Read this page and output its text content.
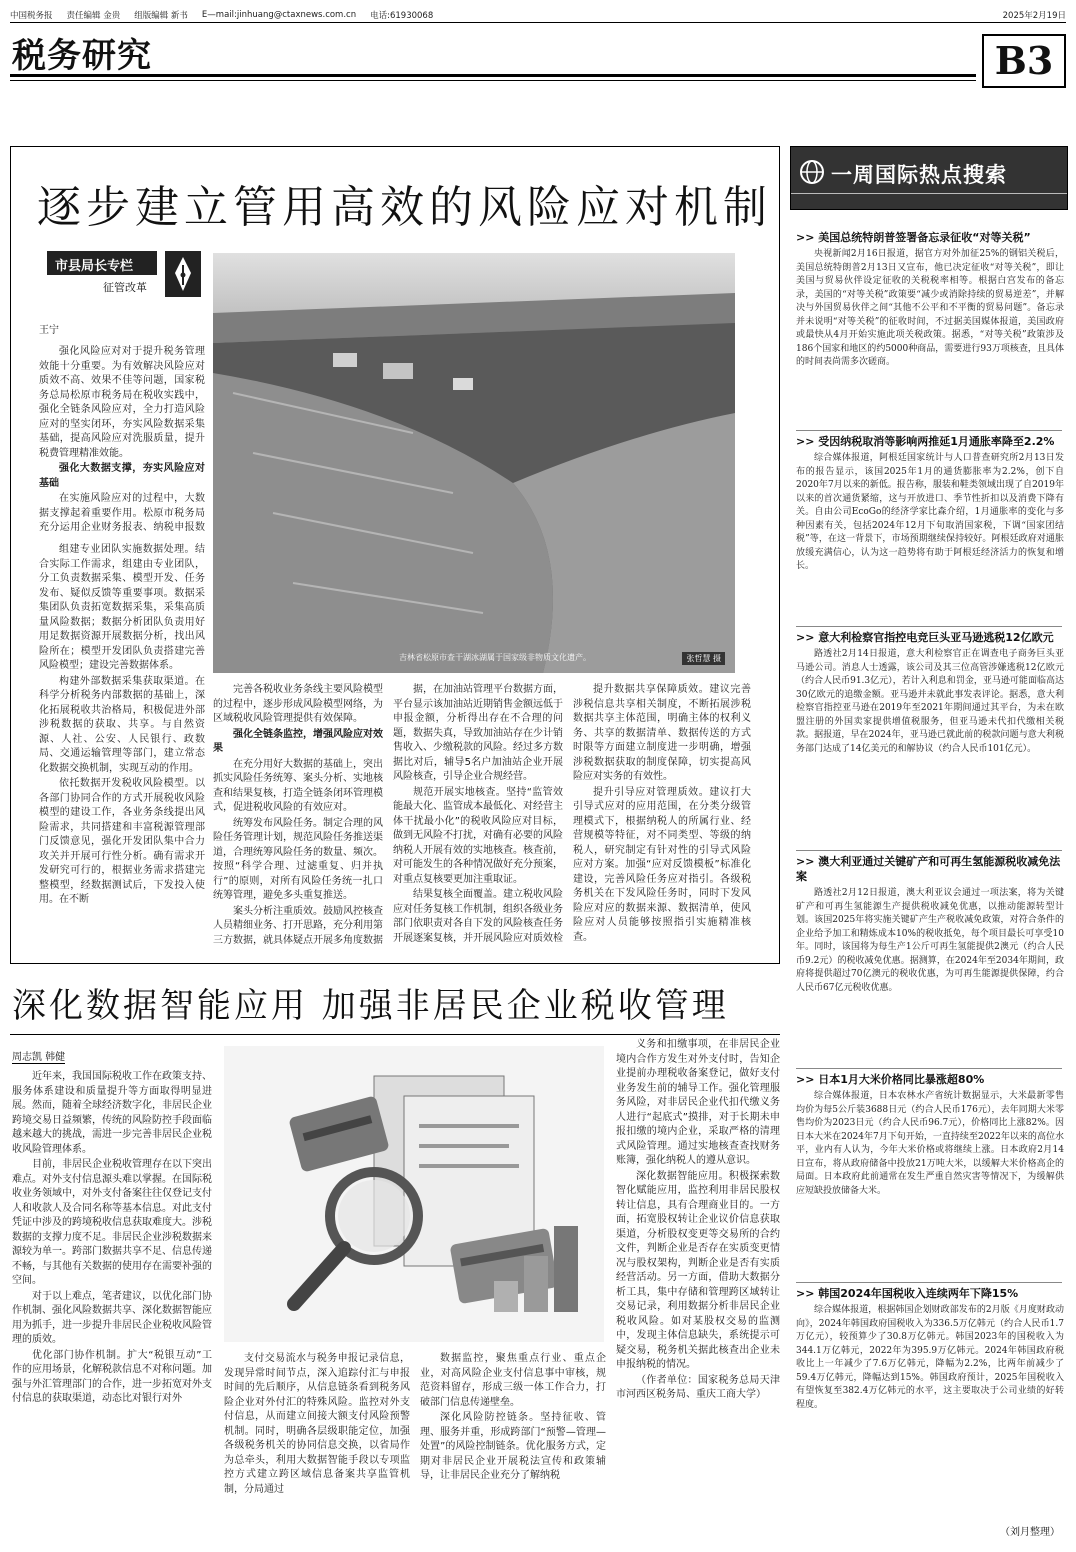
中国税务报 责任编辑 金贵 组版编辑 新书 E—mail:jinhuang@ctaxnews.com.cn 电话:61930068	2025年2月19日
税务研究	B3
逐步建立管用高效的风险应对机制
市县局长专栏
征管改革
王宁
吉林省松原市查干湖冰湖属于国家级非物质文化遗产。	张哲慧 摄

强化风险应对对于提升税务管理效能十分重要。为有效解决风险应对质效不高、效果不佳等问题，国家税务总局松原市税务局在税收实践中，强化全链条风险应对，全力打造风险应对的坚实闭环，夯实风险数据采集基础，提高风险应对洗服质量，提升税费管理精准效能。

强化大数据支撑，夯实风险应对基础

在实施风险应对的过程中，大数据支撑起着重要作用。松原市税务局充分运用企业财务报表、纳税申报数

组建专业团队实施数据处理。结合实际工作需求，组建由专业团队，分工负责数据采集、模型开发、任务发布、疑似反馈等重要事项。数据采集团队负责拓宽数据采集，采集高质量风险数据；数据分析团队负责用好用足数据资源开展数据分析，找出风险所在；模型开发团队负责搭建完善风险模型；建设完善数据体系。

构建外部数据采集获取渠道。在科学分析税务内部数据的基础上，深化拓展税收共治格局，积极促进外部涉税数据的获取、共享。与自然资源、人社、公安、人民银行、政数局、交通运输管理等部门，建立常态化数据交换机制，实现互动的作用。

依托数据开发税收风险模型。以各部门协同合作的方式开展税收风险模型的建设工作，各业务条线提出风险需求，共同搭建和丰富税源管理部门反馈意见，强化开发团队集中合力攻关并开展可行性分析。确有需求开发研究可行的，根据业务需求搭建完整模型，经数据测试后，下发投入使用。在不断

完善各税收业务条线主要风险模型的过程中，逐步形成风险模型网络，为区域税收风险管理提供有效保障。

强化全链条监控，增强风险应对效果

在充分用好大数据的基础上，突出抓实风险任务统筹、案头分析、实地核查和结果复核，打造全链条闭环管理模式，促进税收风险的有效应对。

统筹发布风险任务。制定合理的风险任务管理计划，规范风险任务推送渠道，合理统筹风险任务的数量、频次。按照“科学合理、过滤重复、归并执行”的原则，对所有风险任务统一扎口统筹管理，避免多头重复推送。

案头分析注重质效。鼓励风控核查人员精细业务、打开思路，充分利用第三方数据，就具体疑点开展多角度数据

据，在加油站管理平台数据方面，平台显示该加油站近期销售金额远低于申报金额，分析得出存在不合理的问题，数据失真，导致加油站存在少计销售收入、少缴税款的风险。经过多方数据比对后，辅导5名户加油站企业开展风险核查，引导企业合规经营。

规范开展实地核查。坚持“监管效能最大化、监管成本最低化、对经营主体干扰最小化”的税收风险应对目标，做到无风险不打扰，对确有必要的风险纳税人开展有效的实地核查。核查前，对可能发生的各种情况做好充分预案，对重点复核要更加注重取证。

结果复核全面覆盖。建立税收风险应对任务复核工作机制，组织各级业务部门依职责对各自下发的风险核查任务开展逐案复核，并开展风险应对质效检

提升数据共享保障质效。建议完善涉税信息共享相关制度，不断拓展涉税数据共享主体范围，明确主体的权利义务、共享的数据清单、数据传送的方式时限等方面建立制度进一步明确，增强涉税数据获取的制度保障，切实提高风险应对实务的有效性。

提升引导应对管理质效。建议打大引导式应对的应用范围，在分类分级管理模式下，根据纳税人的所属行业、经营规模等特征，对不同类型、等级的纳税人，研究制定有针对性的引导式风险应对方案。加强“应对反馈模板”标准化建设，完善风险任务应对指引。各级税务机关在下发风险任务时，同时下发风险应对应的数据来源、数据清单，使风险应对人员能够按照指引实施精准核查。

深化数据智能应用 加强非居民企业税收管理
周志凯 韩健

近年来，我国国际税收工作在政策支持、服务体系建设和质量提升等方面取得明显进展。然而，随着全球经济数字化，非居民企业跨境交易日益频繁，传统的风险防控手段面临越来越大的挑战，需进一步完善非居民企业税收风险管理体系。

目前，非居民企业税收管理存在以下突出难点。对外支付信息源头难以掌握。在国际税收业务领域中，对外支付备案往往仅登记支付人和收款人及合同名称等基本信息。对此支付凭证中涉及的跨境税收信息获取难度大。涉税数据的支撑力度不足。非居民企业涉税数据来源较为单一。跨部门数据共享不足、信息传递不畅，与其他有关数据的使用存在需要补强的空间。

对于以上难点，笔者建议，以优化部门协作机制、强化风险数据共享、深化数据智能应用为抓手，进一步提升非居民企业税收风险管理的质效。

优化部门协作机制。扩大“税银互动”工作的应用场景，化解税款信息不对称问题。加强与外汇管理部门的合作，进一步拓宽对外支付信息的获取渠道，动态比对银行对外

支付交易流水与税务申报记录信息，发现异常时间节点，深入追踪付汇与申报时间的先后顺序，从信息链条看到税务风险企业对外付汇的特殊风险。监控对外支付信息，从而建立间接大额支付风险预警机制。同时，明确各层级职能定位，加强各级税务机关的协同信息交换，以省局作为总牵头，利用大数据智能手段以专项监控方式建立跨区域信息备案共享监管机制，分局通过

数据监控，聚焦重点行业、重点企业，对高风险企业支付信息事中审核，规范资料留存，形成三级一体工作合力，打破部门信息传递壁垒。

深化风险防控链条。坚持征收、管理、服务并重，形成跨部门“预警—管理—处置”的风险控制链条。优化服务方式，定期对非居民企业开展税法宣传和政策辅导，让非居民企业充分了解纳税

义务和扣缴事项，在非居民企业境内合作方发生对外支付时，告知企业提前办理税收备案登记，做好支付业务发生前的辅导工作。强化管理服务风险，对非居民企业代扣代缴义务人进行“起底式”摸排，对于长期未申报扣缴的境内企业，采取严格的清理式风险管理。通过实地核查查找财务账簿，强化纳税人的遵从意识。

深化数据智能应用。积极探索数智化赋能应用，监控利用非居民股权转让信息，具有合理商业目的。一方面，拓宽股权转让企业议价信息获取渠道，分析股权变更等交易所的合约文件，判断企业是否存在实质变更情况与股权架构，判断企业是否有实质经营活动。另一方面，借助大数据分析工具，集中存储和管理跨区域转让交易记录，利用数据分析非居民企业税收风险。如对某股权交易的监测中，发现主体信息缺失，系统提示可疑交易，税务机关据此核查出企业未申报纳税的情况。

（作者单位：国家税务总局天津市河西区税务局、重庆工商大学）

一周国际热点搜索
>> 美国总统特朗普签署备忘录征收“对等关税”
央视新闻2月16日报道，据官方对外加征25%的钢铝关税后，美国总统特朗普2月13日又宣布，他已决定征收“对等关税”，即让美国与贸易伙伴设定征收的关税税率相等。根据白宫发布的备忘录，美国的“对等关税”政策要“减少或消除持续的贸易逆差”，并解决与外国贸易伙伴之间“其他不公平和不平衡的贸易问题”。备忘录并未说明“对等关税”的征收时间，不过据美国媒体报道，美国政府或最快从4月开始实施此项关税政策。据悉，“对等关税”政策涉及186个国家和地区的约5000种商品，需要进行93万项核查，且具体的时间表尚需多次磋商。
>> 受因纳税取消等影响两推延1月通胀率降至2.2%
综合媒体报道，阿根廷国家统计与人口普查研究所2月13日发布的报告显示，该国2025年1月的通货膨胀率为2.2%，创下自2020年7月以来的新低。报告称，服装和鞋类领域出现了自2019年以来的首次通货紧缩，这与开放进口、季节性折扣以及消费下降有关。自由公司EcoGo的经济学家比森介绍，1月通胀率的变化与多种因素有关，包括2024年12月下旬取消国家税，下调“国家团结税”等，在这一背景下，市场预期继续保持较好。阿根廷政府对通胀放缓充满信心，认为这一趋势将有助于阿根廷经济活力的恢复和增长。
>> 意大利检察官指控电竞巨头亚马逊逃税12亿欧元
路透社2月14日报道，意大利检察官正在调查电子商务巨头亚马逊公司。消息人士透露，该公司及其三位高管涉嫌逃税12亿欧元（约合人民币91.3亿元），若计入利息和罚金，亚马逊可能面临高达30亿欧元的追缴金额。亚马逊并未就此事发表评论。据悉，意大利检察官指控亚马逊在2019年至2021年期间通过其平台，为未在欧盟注册的外国卖家提供增值税服务，但亚马逊未代扣代缴相关税款。据报道，早在2024年，亚马逊已就此前的税款问题与意大利税务部门达成了14亿美元的和解协议（约合人民币101亿元）。
>> 澳大利亚通过关键矿产和可再生氢能源税收减免法案
路透社2月12日报道，澳大利亚议会通过一项法案，将为关键矿产和可再生氢能源生产提供税收减免优惠，以推动能源转型计划。该国2025年将实施关键矿产生产税收减免政策，对符合条件的企业给予加工和精炼成本10%的税收抵免，每个项目最长可享受10年。同时，该国将为每生产1公斤可再生氢能提供2澳元（约合人民币9.2元）的税收减免优惠。据测算，在2024年至2034年期间，政府将提供超过70亿澳元的税收优惠，为可再生能源提供保障，约合人民币67亿元税收优惠。
>> 日本1月大米价格同比暴涨超80%
综合媒体报道，日本农林水产省统计数据显示，大米最新零售均价为每5公斤装3688日元（约合人民币176元），去年同期大米零售均价为2023日元（约合人民币96.7元），价格同比上涨82%。因日本大米在2024年7月下旬开始，一直持续至2022年以来的高位水平，业内有人认为，今年大米价格或将继续上涨。日本政府2月14日宣布，将从政府储备中投放21万吨大米，以缓解大米价格高企的局面。日本政府此前通常在发生严重自然灾害等情况下，为缓解供应短缺投放储备大米。
>> 韩国2024年国税收入连续两年下降15%
综合媒体报道，根据韩国企划财政部发布的2月版《月度财政动向》，2024年韩国政府国税收入为336.5万亿韩元（约合人民币1.7万亿元），较预算少了30.8万亿韩元。韩国2023年的国税收入为344.1万亿韩元，2022年为395.9万亿韩元。2024年韩国政府税收比上一年减少了7.6万亿韩元，降幅为2.2%，比两年前减少了59.4万亿韩元，降幅达到15%。韩国政府预计，2025年国税收入有望恢复至382.4万亿韩元的水平，这主要取决于公司业绩的好转程度。
（刘月整理）
